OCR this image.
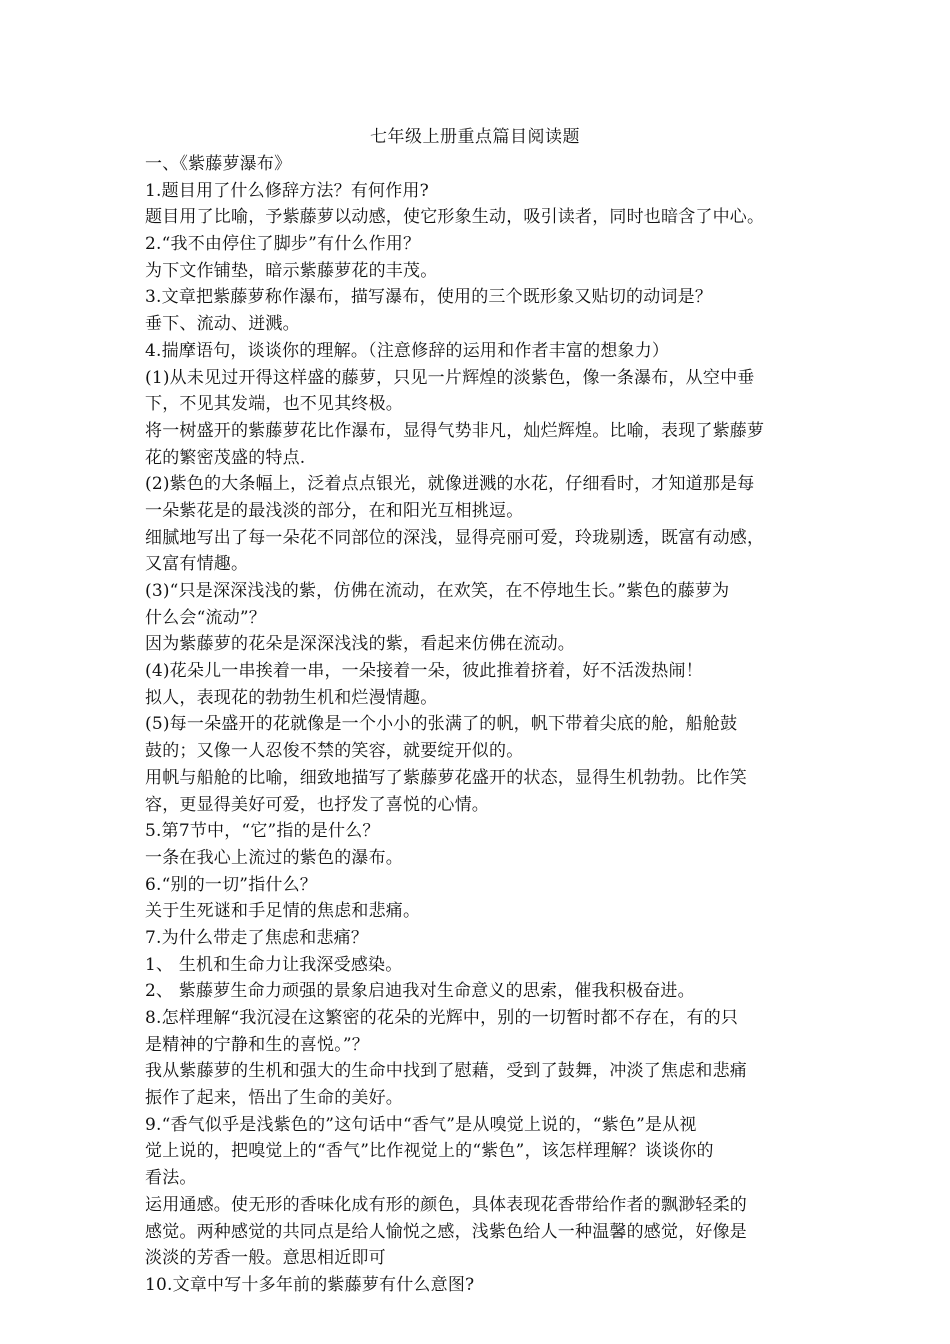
七年级上册重点篇目阅读题
一、《紫藤萝瀑布》
1.题目用了什么修辞方法？有何作用?
题目用了比喻，予紫藤萝以动感，使它形象生动，吸引读者，同时也暗含了中心。
2.“我不由停住了脚步”有什么作用？
为下文作铺垫，暗示紫藤萝花的丰茂。
3.文章把紫藤萝称作瀑布，描写瀑布，使用的三个既形象又贴切的动词是？
垂下、流动、迸溅。
4.揣摩语句，谈谈你的理解。（注意修辞的运用和作者丰富的想象力）
(1)从未见过开得这样盛的藤萝，只见一片辉煌的淡紫色，像一条瀑布，从空中垂
下，不见其发端，也不见其终极。
将一树盛开的紫藤萝花比作瀑布，显得气势非凡，灿烂辉煌。比喻，表现了紫藤萝
花的繁密茂盛的特点.
(2)紫色的大条幅上，泛着点点银光，就像迸溅的水花，仔细看时，才知道那是每
一朵紫花是的最浅淡的部分，在和阳光互相挑逗。
细腻地写出了每一朵花不同部位的深浅，显得亮丽可爱，玲珑剔透，既富有动感，
又富有情趣。
(3)“只是深深浅浅的紫，仿佛在流动，在欢笑，在不停地生长。”紫色的藤萝为
什么会“流动”？
因为紫藤萝的花朵是深深浅浅的紫，看起来仿佛在流动。
(4)花朵儿一串挨着一串，一朵接着一朵，彼此推着挤着，好不活泼热闹！
拟人，表现花的勃勃生机和烂漫情趣。
(5)每一朵盛开的花就像是一个小小的张满了的帆，帆下带着尖底的舱，船舱鼓
鼓的；又像一人忍俊不禁的笑容，就要绽开似的。
用帆与船舱的比喻，细致地描写了紫藤萝花盛开的状态，显得生机勃勃。比作笑
容，更显得美好可爱，也抒发了喜悦的心情。
5.第7节中，“它”指的是什么？
一条在我心上流过的紫色的瀑布。
6.“别的一切”指什么？
关于生死谜和手足情的焦虑和悲痛。
7.为什么带走了焦虑和悲痛？
1、 生机和生命力让我深受感染。
2、 紫藤萝生命力顽强的景象启迪我对生命意义的思索，催我积极奋进。
8.怎样理解“我沉浸在这繁密的花朵的光辉中，别的一切暂时都不存在，有的只
是精神的宁静和生的喜悦。”？
我从紫藤萝的生机和强大的生命中找到了慰藉，受到了鼓舞，冲淡了焦虑和悲痛
振作了起来，悟出了生命的美好。
9.“香气似乎是浅紫色的”这句话中“香气”是从嗅觉上说的，“紫色”是从视
觉上说的，把嗅觉上的“香气”比作视觉上的“紫色”，该怎样理解？谈谈你的
看法。
运用通感。使无形的香味化成有形的颜色，具体表现花香带给作者的飘渺轻柔的
感觉。两种感觉的共同点是给人愉悦之感，浅紫色给人一种温馨的感觉，好像是
淡淡的芳香一般。意思相近即可
10.文章中写十多年前的紫藤萝有什么意图?
